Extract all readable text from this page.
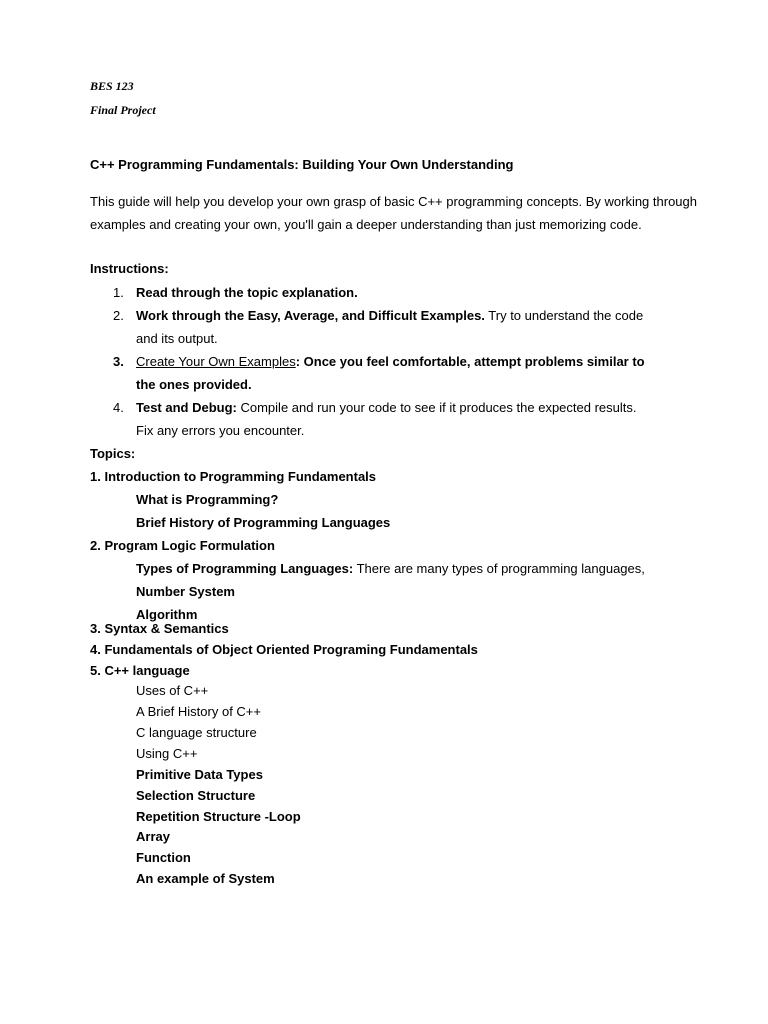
BES 123
Final Project
C++ Programming Fundamentals: Building Your Own Understanding
This guide will help you develop your own grasp of basic C++ programming concepts. By working through examples and creating your own, you'll gain a deeper understanding than just memorizing code.
Instructions:
1. Read through the topic explanation.
2. Work through the Easy, Average, and Difficult Examples. Try to understand the code
and its output.
3. Create Your Own Examples: Once you feel comfortable, attempt problems similar to
the ones provided.
4. Test and Debug: Compile and run your code to see if it produces the expected results.
Fix any errors you encounter.
Topics:
1. Introduction to Programming Fundamentals
What is Programming?
Brief History of Programming Languages
2. Program Logic Formulation
Types of Programming Languages: There are many types of programming languages,
Number System
Algorithm
3. Syntax & Semantics
4. Fundamentals of Object Oriented Programing Fundamentals
5. C++ language
Uses of C++
A Brief History of C++
C language structure
Using C++
Primitive Data Types
Selection Structure
Repetition Structure -Loop
Array
Function
An example of System
